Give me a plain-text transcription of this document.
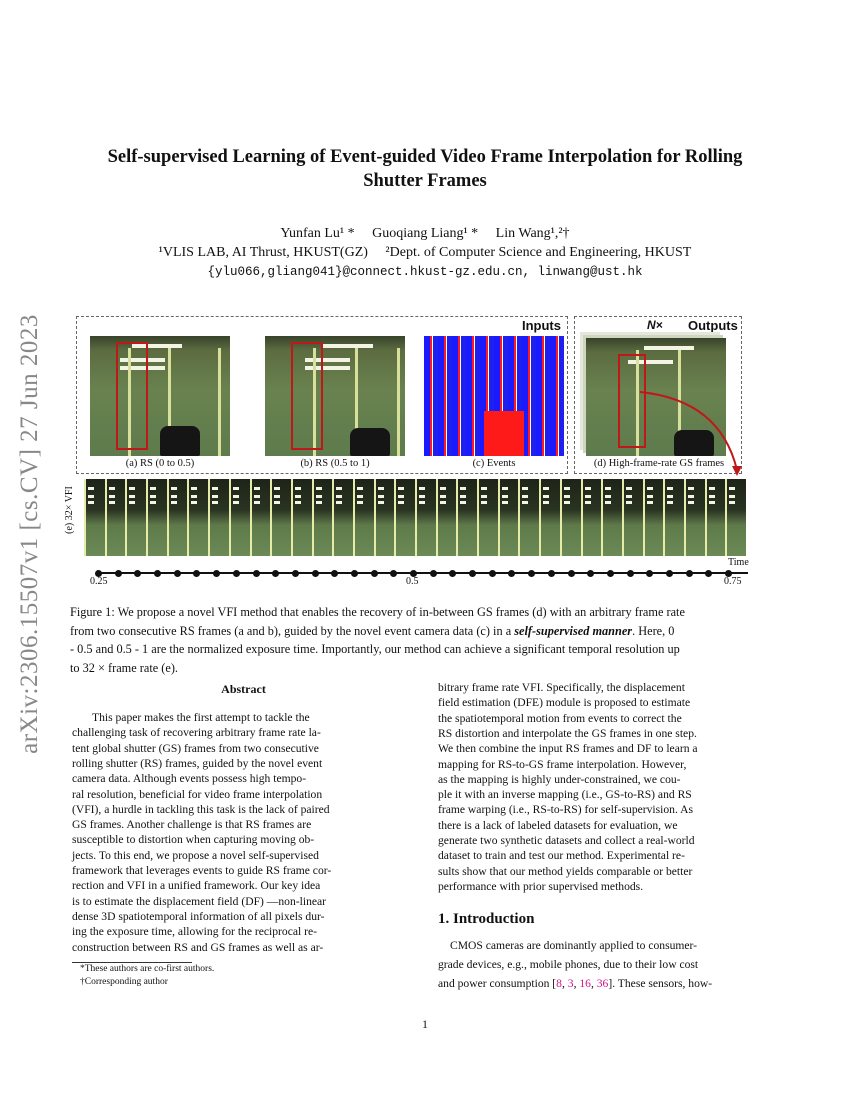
arXiv:2306.15507v1 [cs.CV] 27 Jun 2023
Self-supervised Learning of Event-guided Video Frame Interpolation for Rolling
Shutter Frames
Yunfan Lu¹ *     Guoqiang Liang¹ *     Lin Wang¹,²†
¹VLIS LAB, AI Thrust, HKUST(GZ)     ²Dept. of Computer Science and Engineering, HKUST
{ylu066,gliang041}@connect.hkust-gz.edu.cn, linwang@ust.hk
Inputs	N× Outputs
(a) RS (0 to 0.5)	(b) RS (0.5 to 1)	(c) Events	(d) High-frame-rate GS frames
(e) 32× VFI
Time
0.25	0.5	0.75
Figure 1: We propose a novel VFI method that enables the recovery of in-between GS frames (d) with an arbitrary frame rate
from two consecutive RS frames (a and b), guided by the novel event camera data (c) in a self-supervised manner. Here, 0
- 0.5 and 0.5 - 1 are the normalized exposure time. Importantly, our method can achieve a significant temporal resolution up
to 32 × frame rate (e).
Abstract
This paper makes the first attempt to tackle the
challenging task of recovering arbitrary frame rate la-
tent global shutter (GS) frames from two consecutive
rolling shutter (RS) frames, guided by the novel event
camera data. Although events possess high tempo-
ral resolution, beneficial for video frame interpolation
(VFI), a hurdle in tackling this task is the lack of paired
GS frames. Another challenge is that RS frames are
susceptible to distortion when capturing moving ob-
jects. To this end, we propose a novel self-supervised
framework that leverages events to guide RS frame cor-
rection and VFI in a unified framework. Our key idea
is to estimate the displacement field (DF) —non-linear
dense 3D spatiotemporal information of all pixels dur-
ing the exposure time, allowing for the reciprocal re-
construction between RS and GS frames as well as ar-
bitrary frame rate VFI. Specifically, the displacement
field estimation (DFE) module is proposed to estimate
the spatiotemporal motion from events to correct the
RS distortion and interpolate the GS frames in one step.
We then combine the input RS frames and DF to learn a
mapping for RS-to-GS frame interpolation. However,
as the mapping is highly under-constrained, we cou-
ple it with an inverse mapping (i.e., GS-to-RS) and RS
frame warping (i.e., RS-to-RS) for self-supervision. As
there is a lack of labeled datasets for evaluation, we
generate two synthetic datasets and collect a real-world
dataset to train and test our method. Experimental re-
sults show that our method yields comparable or better
performance with prior supervised methods.
*These authors are co-first authors.
†Corresponding author
1. Introduction
CMOS cameras are dominantly applied to consumer-
grade devices, e.g., mobile phones, due to their low cost
and power consumption [8, 3, 16, 36]. These sensors, how-
1
